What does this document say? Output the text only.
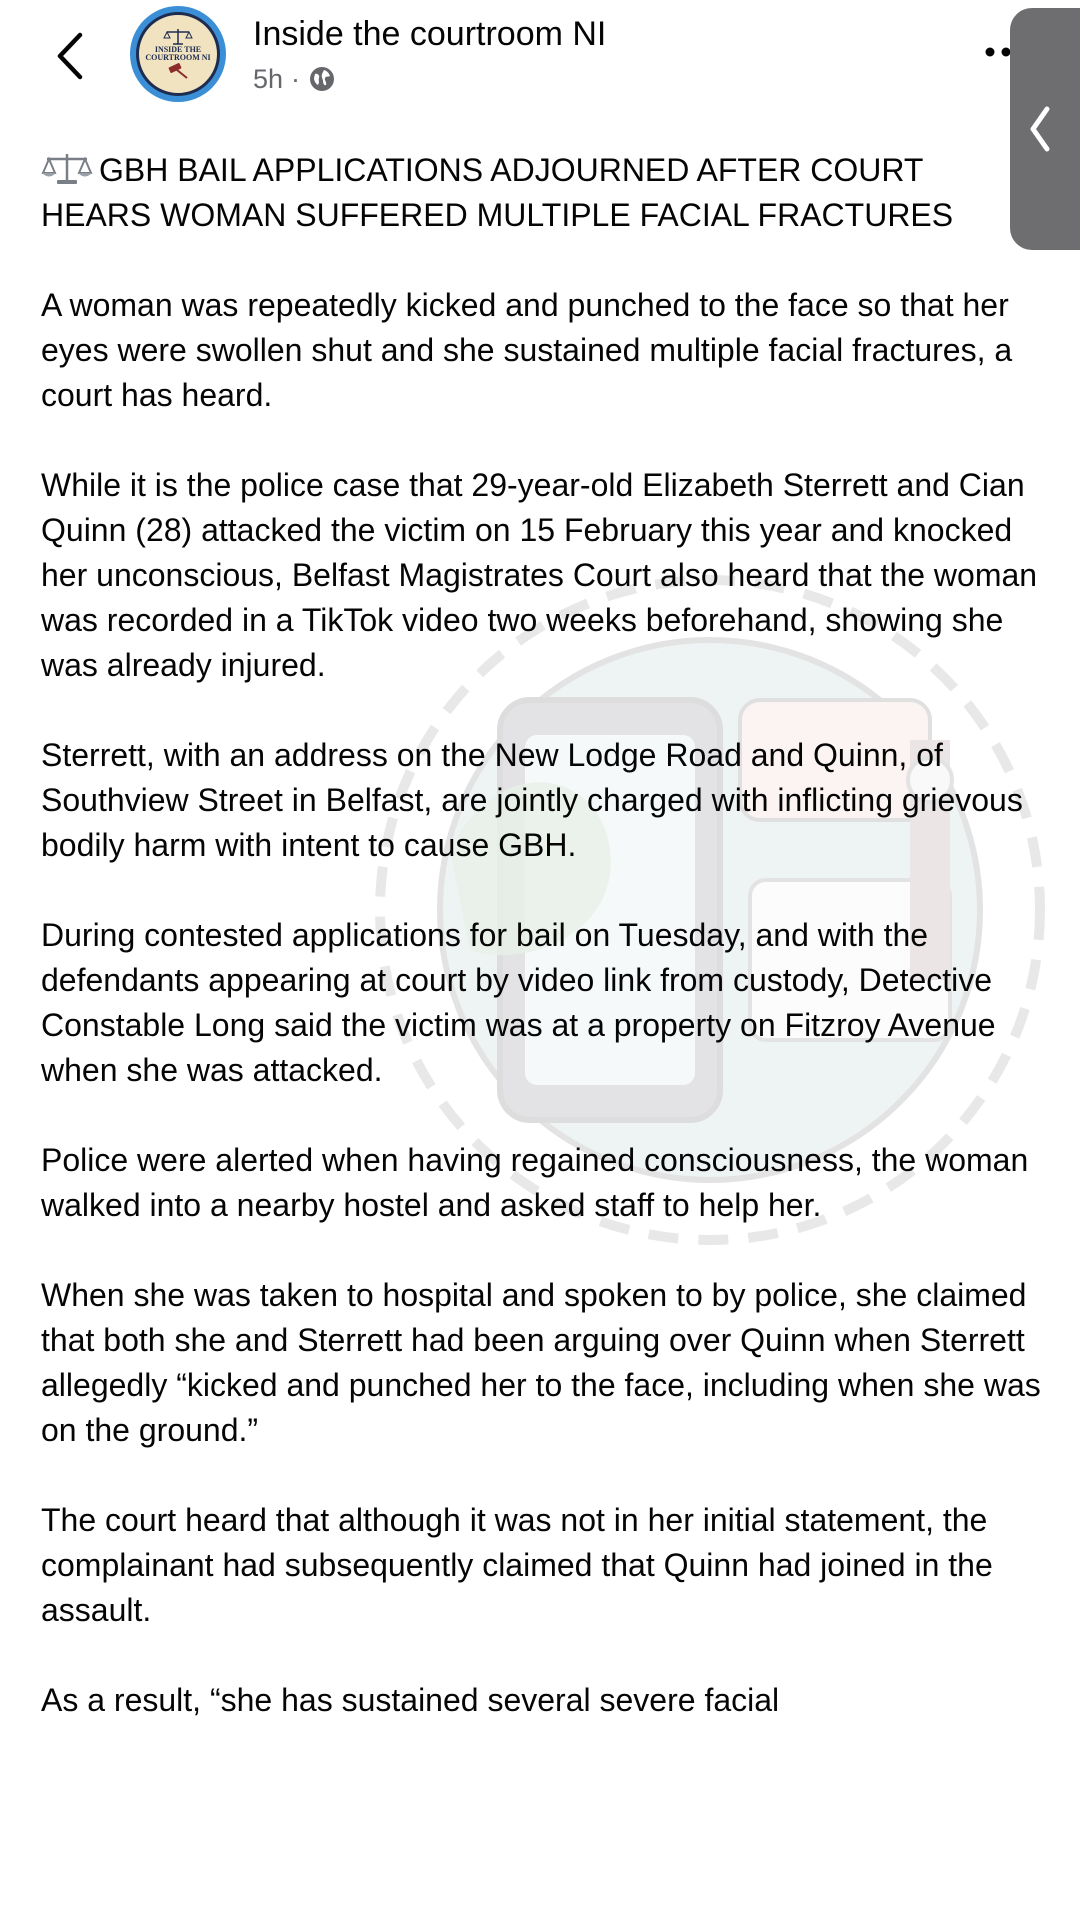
INSIDE THE
COURTROOM NI
Inside the courtroom NI
5h ·

GBH BAIL APPLICATIONS ADJOURNED AFTER COURT HEARS WOMAN SUFFERED MULTIPLE FACIAL FRACTURES

A woman was repeatedly kicked and punched to the face so that her eyes were swollen shut and she sustained multiple facial fractures, a court has heard.

While it is the police case that 29-year-old Elizabeth Sterrett and Cian Quinn (28) attacked the victim on 15 February this year and knocked her unconscious, Belfast Magistrates Court also heard that the woman was recorded in a TikTok video two weeks beforehand, showing she was already injured.

Sterrett, with an address on the New Lodge Road and Quinn, of Southview Street in Belfast, are jointly charged with inflicting grievous bodily harm with intent to cause GBH.

During contested applications for bail on Tuesday, and with the defendants appearing at court by video link from custody, Detective Constable Long said the victim was at a property on Fitzroy Avenue when she was attacked.

Police were alerted when having regained consciousness, the woman walked into a nearby hostel and asked staff to help her.

When she was taken to hospital and spoken to by police, she claimed that both she and Sterrett had been arguing over Quinn when Sterrett allegedly “kicked and punched her to the face, including when she was on the ground.”

The court heard that although it was not in her initial statement, the complainant had subsequently claimed that Quinn had joined in the assault.

As a result, “she has sustained several severe facial
